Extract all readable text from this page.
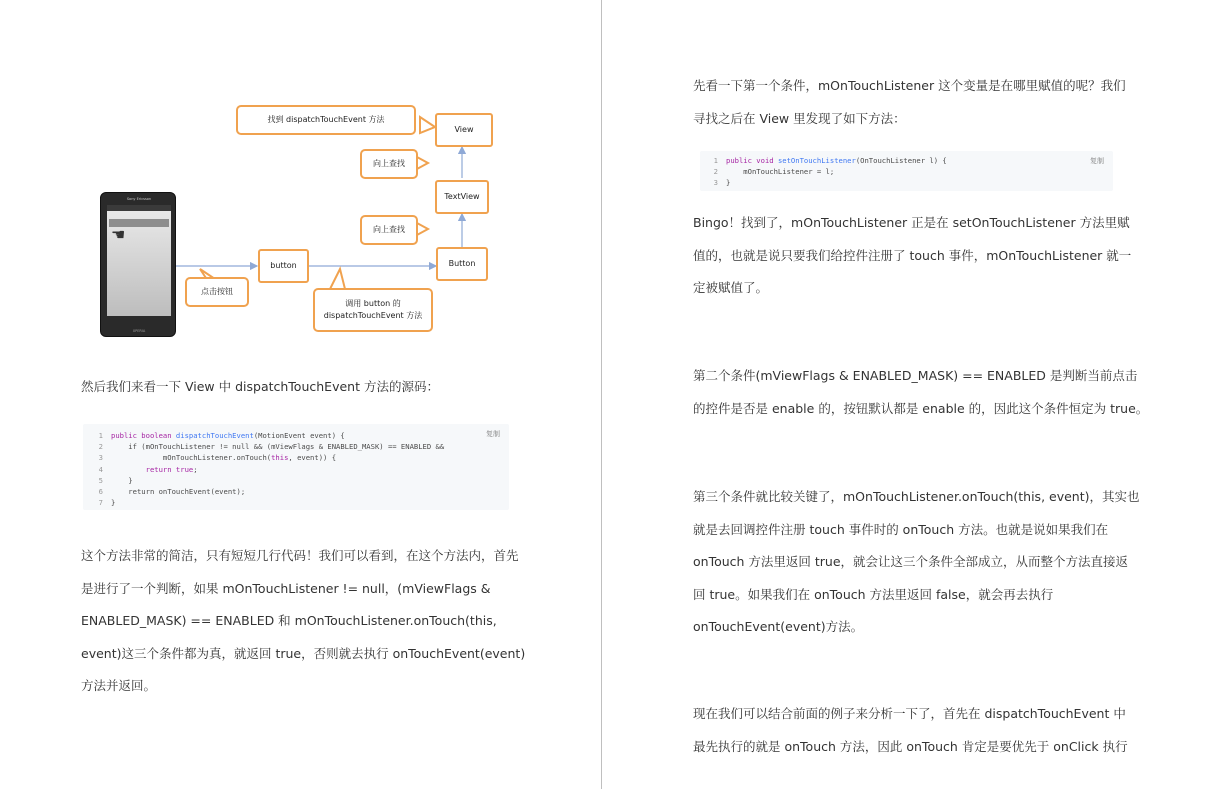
Sony Ericsson
☚
XPERIA
找到 dispatchTouchEvent 方法
View
向上查找
TextView
向上查找
Button
button
点击按钮
调用 button 的
dispatchTouchEvent 方法

然后我们来看一下 View 中 dispatchTouchEvent 方法的源码：

复制
1 public boolean dispatchTouchEvent(MotionEvent event) {
2    if (mOnTouchListener != null && (mViewFlags & ENABLED_MASK) == ENABLED &&
3            mOnTouchListener.onTouch(this, event)) {
4	return true;
5    }
6    return onTouchEvent(event);
7 }

这个方法非常的简洁，只有短短几行代码！我们可以看到，在这个方法内，首先

是进行了一个判断，如果 mOnTouchListener != null，(mViewFlags &

ENABLED_MASK) == ENABLED 和 mOnTouchListener.onTouch(this,

event)这三个条件都为真，就返回 true，否则就去执行 onTouchEvent(event)

方法并返回。

先看一下第一个条件，mOnTouchListener 这个变量是在哪里赋值的呢？我们

寻找之后在 View 里发现了如下方法：

复制
1 public void setOnTouchListener(OnTouchListener l) {
2    mOnTouchListener = l;
3 }

Bingo！找到了，mOnTouchListener 正是在 setOnTouchListener 方法里赋

值的，也就是说只要我们给控件注册了 touch 事件，mOnTouchListener 就一

定被赋值了。

第二个条件(mViewFlags & ENABLED_MASK) == ENABLED 是判断当前点击

的控件是否是 enable 的，按钮默认都是 enable 的，因此这个条件恒定为 true。

第三个条件就比较关键了，mOnTouchListener.onTouch(this, event)，其实也

就是去回调控件注册 touch 事件时的 onTouch 方法。也就是说如果我们在

onTouch 方法里返回 true，就会让这三个条件全部成立，从而整个方法直接返

回 true。如果我们在 onTouch 方法里返回 false，就会再去执行

onTouchEvent(event)方法。

现在我们可以结合前面的例子来分析一下了，首先在 dispatchTouchEvent 中

最先执行的就是 onTouch 方法，因此 onTouch 肯定是要优先于 onClick 执行
